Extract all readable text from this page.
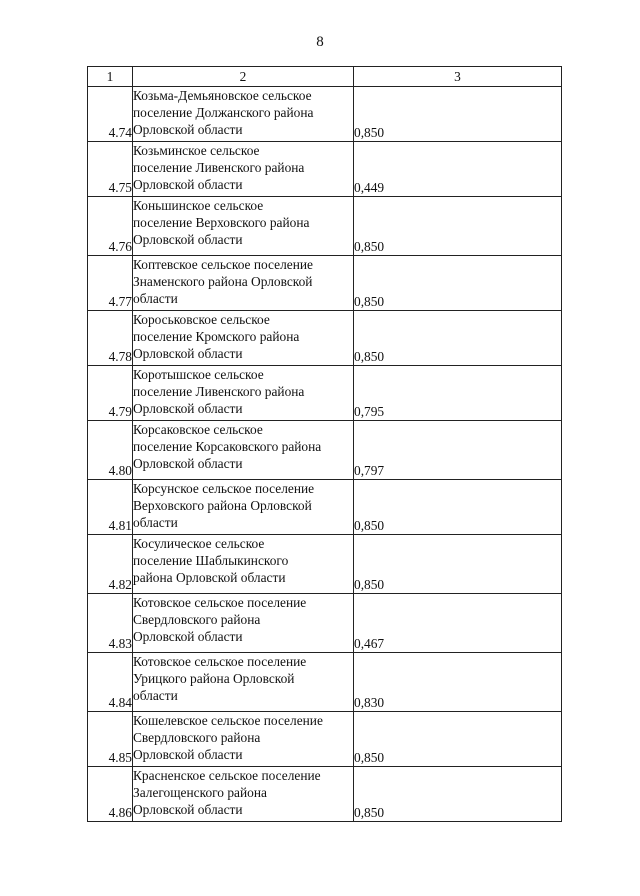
8
1	2	3
4.74	Козьма-Демьяновское сельское
поселение Должанского района
Орловской области	0,850
4.75	Козьминское сельское
поселение Ливенского района
Орловской области	0,449
4.76	Коньшинское сельское
поселение Верховского района
Орловской области	0,850
4.77	Коптевское сельское поселение
Знаменского района Орловской
области	0,850
4.78	Короськовское сельское
поселение Кромского района
Орловской области	0,850
4.79	Коротышское сельское
поселение Ливенского района
Орловской области	0,795
4.80	Корсаковское сельское
поселение Корсаковского района
Орловской области	0,797
4.81	Корсунское сельское поселение
Верховского района Орловской
области	0,850
4.82	Косулическое сельское
поселение Шаблыкинского
района Орловской области	0,850
4.83	Котовское сельское поселение
Свердловского района
Орловской области	0,467
4.84	Котовское сельское поселение
Урицкого района Орловской
области	0,830
4.85	Кошелевское сельское поселение
Свердловского района
Орловской области	0,850
4.86	Красненское сельское поселение
Залегощенского района
Орловской области	0,850
